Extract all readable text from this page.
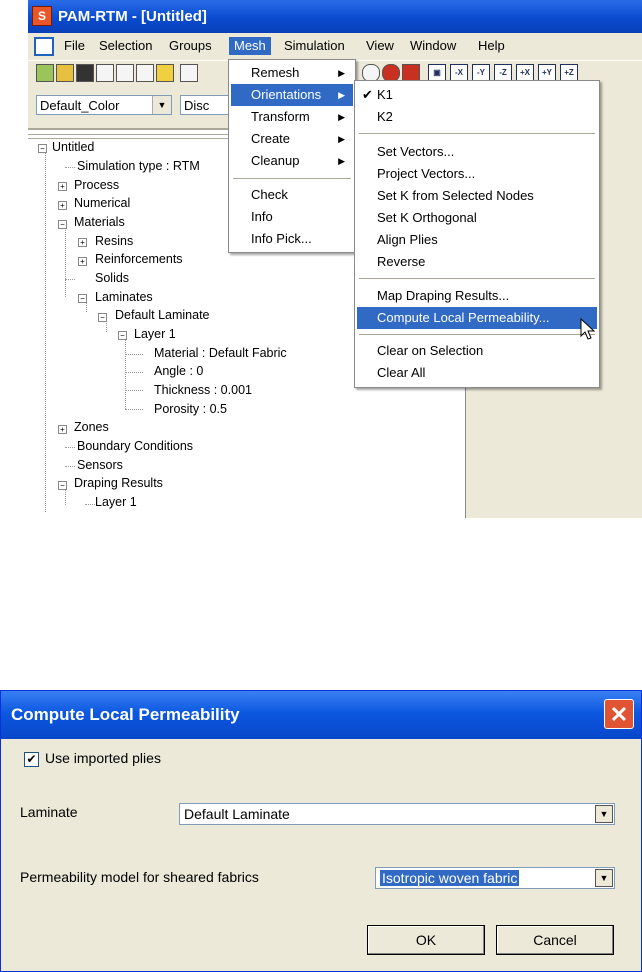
S PAM-RTM - [Untitled]
File Selection Groups	Mesh	Simulation View Window Help
▣	-X	-Y	-Z	+X	+Y	+Z
Default_Color	▼	Disc
− Untitled
Simulation type : RTM
+ Process
+ Numerical
− Materials
+ Resins
+ Reinforcements
Solids
− Laminates
− Default Laminate
− Layer 1
Material : Default Fabric
Angle : 0
Thickness : 0.001
Porosity : 0.5
+ Zones
Boundary Conditions
Sensors
− Draping Results
Layer 1
Remesh	▶
Orientations ▶
Transform	▶
Create	▶
Cleanup	▶
Check
Info
Info Pick...
✔ K1
K2
Set Vectors...
Project Vectors...
Set K from Selected Nodes
Set K Orthogonal
Align Plies
Reverse
Map Draping Results...
Compute Local Permeability...
Clear on Selection
Clear All
Compute Local Permeability	✕
✔ Use imported plies
Laminate	Default Laminate	▼
Permeability model for sheared fabrics	Isotropic woven fabric	▼
OK	Cancel
